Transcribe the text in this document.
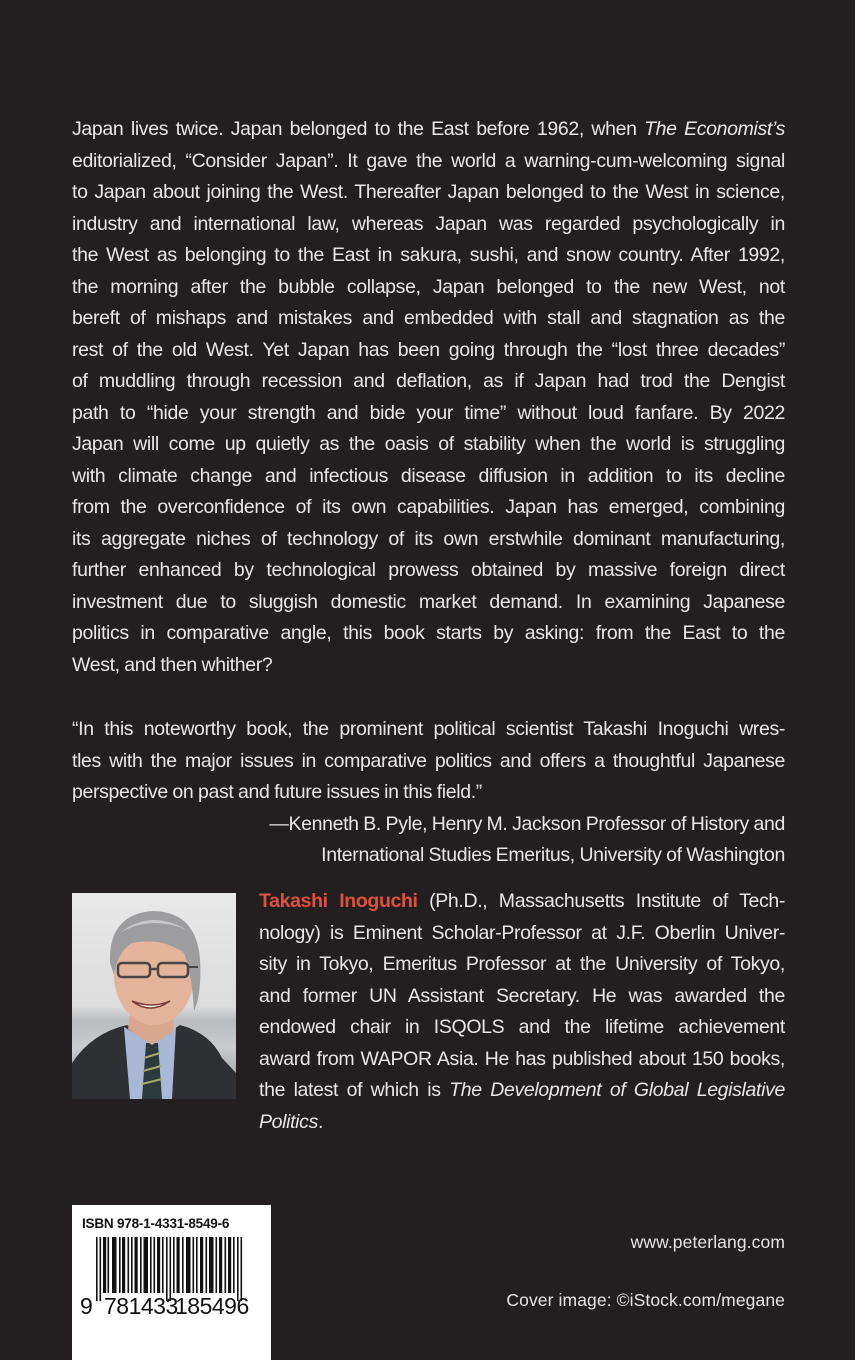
Japan lives twice. Japan belonged to the East before 1962, when The Economist’s
editorialized, “Consider Japan”. It gave the world a warning-cum-welcoming signal
to Japan about joining the West. Thereafter Japan belonged to the West in science,
industry and international law, whereas Japan was regarded psychologically in
the West as belonging to the East in sakura, sushi, and snow country. After 1992,
the morning after the bubble collapse, Japan belonged to the new West, not
bereft of mishaps and mistakes and embedded with stall and stagnation as the
rest of the old West. Yet Japan has been going through the “lost three decades”
of muddling through recession and deflation, as if Japan had trod the Dengist
path to “hide your strength and bide your time” without loud fanfare. By 2022
Japan will come up quietly as the oasis of stability when the world is struggling
with climate change and infectious disease diffusion in addition to its decline
from the overconfidence of its own capabilities. Japan has emerged, combining
its aggregate niches of technology of its own erstwhile dominant manufacturing,
further enhanced by technological prowess obtained by massive foreign direct
investment due to sluggish domestic market demand. In examining Japanese
politics in comparative angle, this book starts by asking: from the East to the
West, and then whither?
“In this noteworthy book, the prominent political scientist Takashi Inoguchi wres-
tles with the major issues in comparative politics and offers a thoughtful Japanese
perspective on past and future issues in this field.”
—Kenneth B. Pyle, Henry M. Jackson Professor of History and
International Studies Emeritus, University of Washington
Takashi Inoguchi (Ph.D., Massachusetts Institute of Tech-
nology) is Eminent Scholar-Professor at J.F. Oberlin Univer-
sity in Tokyo, Emeritus Professor at the University of Tokyo,
and former UN Assistant Secretary. He was awarded the
endowed chair in ISQOLS and the lifetime achievement
award from WAPOR Asia. He has published about 150 books,
the latest of which is The Development of Global Legislative
Politics.
ISBN 978-1-4331-8549-6
9 781433
185496
www.peterlang.com
Cover image: ©iStock.com/megane
